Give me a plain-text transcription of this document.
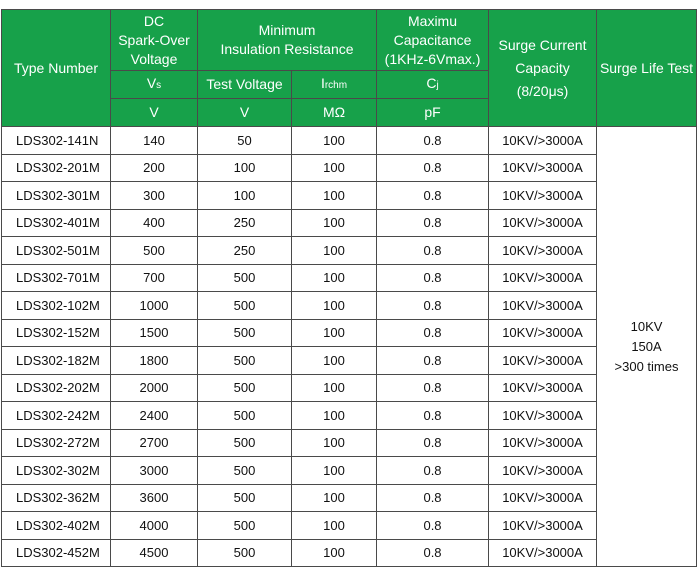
Type Number	DC
Spark-Over
Voltage	Minimum
Insulation Resistance		Maximu
Capacitance
(1KHz-6Vmax.)	Surge Current
Capacity
(8/20μs)	Surge Life Test
	Vs	Test Voltage	Irchm	Cj		
	V	V	MΩ	pF		
LDS302-141N	140	50	100	0.8	10KV/>3000A	10KV
150A
>300 times

LDS302-201M	200	100	100	0.8	10KV/>3000A	
LDS302-301M	300	100	100	0.8	10KV/>3000A	
LDS302-401M	400	250	100	0.8	10KV/>3000A	
LDS302-501M	500	250	100	0.8	10KV/>3000A	
LDS302-701M	700	500	100	0.8	10KV/>3000A	
LDS302-102M	1000	500	100	0.8	10KV/>3000A	
LDS302-152M	1500	500	100	0.8	10KV/>3000A	
LDS302-182M	1800	500	100	0.8	10KV/>3000A	
LDS302-202M	2000	500	100	0.8	10KV/>3000A	
LDS302-242M	2400	500	100	0.8	10KV/>3000A	
LDS302-272M	2700	500	100	0.8	10KV/>3000A	
LDS302-302M	3000	500	100	0.8	10KV/>3000A	
LDS302-362M	3600	500	100	0.8	10KV/>3000A	
LDS302-402M	4000	500	100	0.8	10KV/>3000A	
LDS302-452M	4500	500	100	0.8	10KV/>3000A	
